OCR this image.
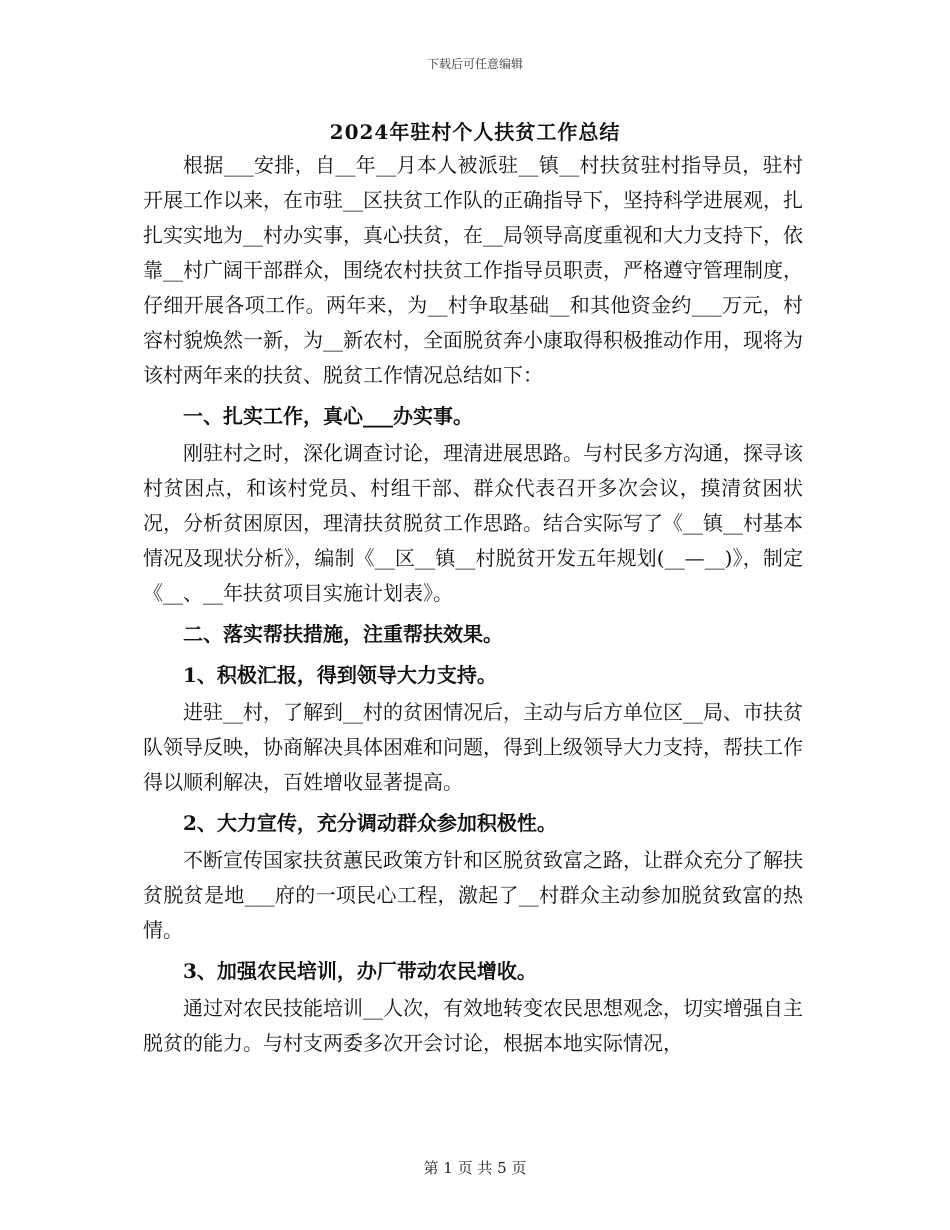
下载后可任意编辑
2024年驻村个人扶贫工作总结

根据___安排，自__年__月本人被派驻__镇__村扶贫驻村指导员，驻村开展工作以来，在市驻__区扶贫工作队的正确指导下，坚持科学进展观，扎扎实实地为__村办实事，真心扶贫，在__局领导高度重视和大力支持下，依靠__村广阔干部群众，围绕农村扶贫工作指导员职责，严格遵守管理制度，仔细开展各项工作。两年来，为__村争取基础__和其他资金约___万元，村容村貌焕然一新，为__新农村，全面脱贫奔小康取得积极推动作用，现将为该村两年来的扶贫、脱贫工作情况总结如下：

一、扎实工作，真心___办实事。

刚驻村之时，深化调查讨论，理清进展思路。与村民多方沟通，探寻该村贫困点，和该村党员、村组干部、群众代表召开多次会议，摸清贫困状况，分析贫困原因，理清扶贫脱贫工作思路。结合实际写了《__镇__村基本情况及现状分析》，编制《__区__镇__村脱贫开发五年规划(__—__)》，制定《__、__年扶贫项目实施计划表》。

二、落实帮扶措施，注重帮扶效果。

1、积极汇报，得到领导大力支持。

进驻__村，了解到__村的贫困情况后，主动与后方单位区__局、市扶贫队领导反映，协商解决具体困难和问题，得到上级领导大力支持，帮扶工作得以顺利解决，百姓增收显著提高。

2、大力宣传，充分调动群众参加积极性。

不断宣传国家扶贫蕙民政策方针和区脱贫致富之路，让群众充分了解扶贫脱贫是地___府的一项民心工程，激起了__村群众主动参加脱贫致富的热情。

3、加强农民培训，办厂带动农民增收。

通过对农民技能培训__人次，有效地转变农民思想观念，切实增强自主脱贫的能力。与村支两委多次开会讨论，根据本地实际情况，

第 1 页 共 5 页
